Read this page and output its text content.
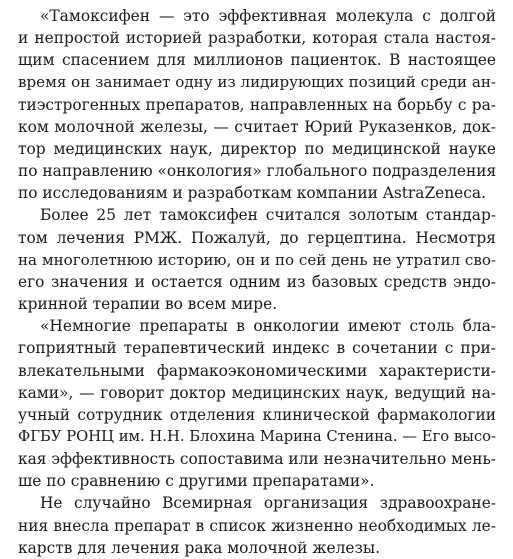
«Тамоксифен — это эффективная молекула с долгой
и непростой историей разработки, которая стала настоя-
щим спасением для миллионов пациенток. В настоящее
время он занимает одну из лидирующих позиций среди ан-
тиэстрогенных препаратов, направленных на борьбу с ра-
ком молочной железы, — считает Юрий Руказенков, док-
тор медицинских наук, директор по медицинской науке
по направлению «онкология» глобального подразделения
по исследованиям и разработкам компании AstraZeneca.

Более 25 лет тамоксифен считался золотым стандар-
том лечения РМЖ. Пожалуй, до герцептина. Несмотря
на многолетнюю историю, он и по сей день не утратил сво-
его значения и остается одним из базовых средств эндо-
кринной терапии во всем мире.

«Немногие препараты в онкологии имеют столь бла-
гоприятный терапевтический индекс в сочетании с при-
влекательными фармакоэкономическими характеристи-
ками», — говорит доктор медицинских наук, ведущий на-
учный сотрудник отделения клинической фармакологии
ФГБУ РОНЦ им. Н.Н. Блохина Марина Стенина. — Его высо-
кая эффективность сопоставима или незначительно мень-
ше по сравнению с другими препаратами».

Не случайно Всемирная организация здравоохране-
ния внесла препарат в список жизненно необходимых ле-
карств для лечения рака молочной железы.
